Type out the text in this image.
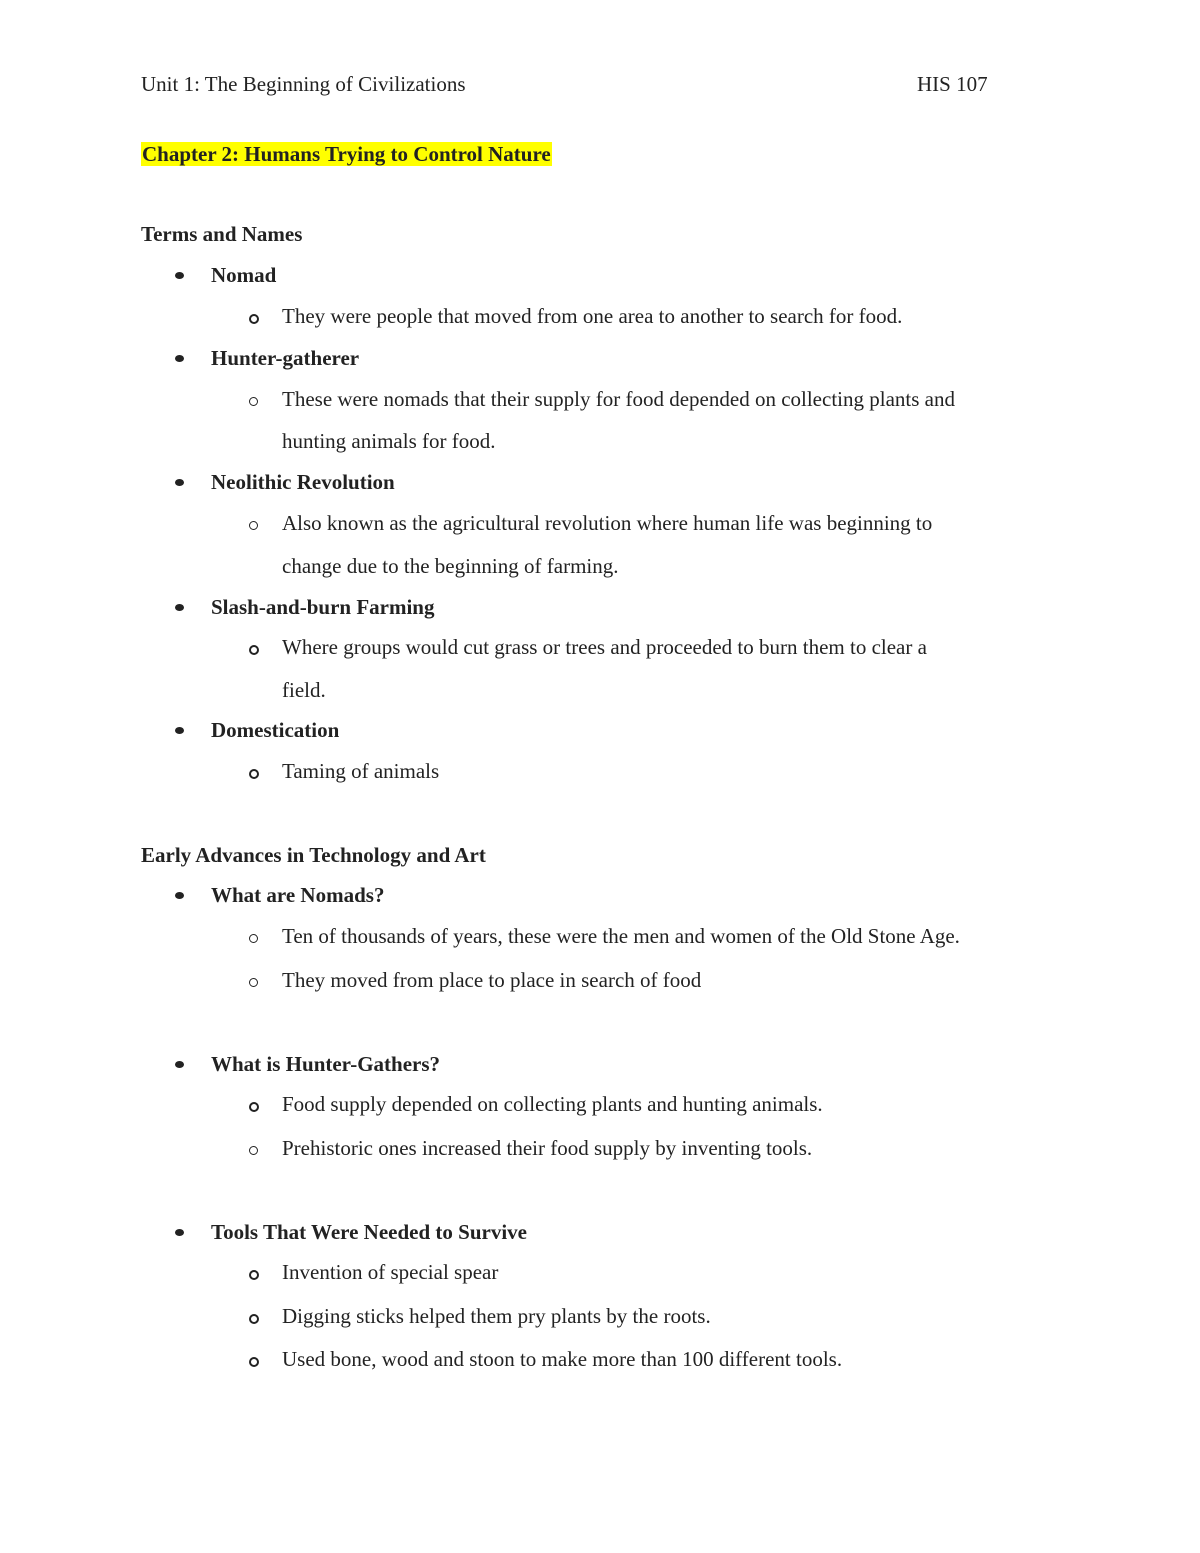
Unit 1: The Beginning of Civilizations	HIS 107
Chapter 2: Humans Trying to Control Nature
Terms and Names
Nomad
They were people that moved from one area to another to search for food.
Hunter-gatherer
These were nomads that their supply for food depended on collecting plants and
hunting animals for food.
Neolithic Revolution
Also known as the agricultural revolution where human life was beginning to
change due to the beginning of farming.
Slash-and-burn Farming
Where groups would cut grass or trees and proceeded to burn them to clear a
field.
Domestication
Taming of animals
Early Advances in Technology and Art
What are Nomads?
Ten of thousands of years, these were the men and women of the Old Stone Age.
They moved from place to place in search of food
What is Hunter-Gathers?
Food supply depended on collecting plants and hunting animals.
Prehistoric ones increased their food supply by inventing tools.
Tools That Were Needed to Survive
Invention of special spear
Digging sticks helped them pry plants by the roots.
Used bone, wood and stoon to make more than 100 different tools.
